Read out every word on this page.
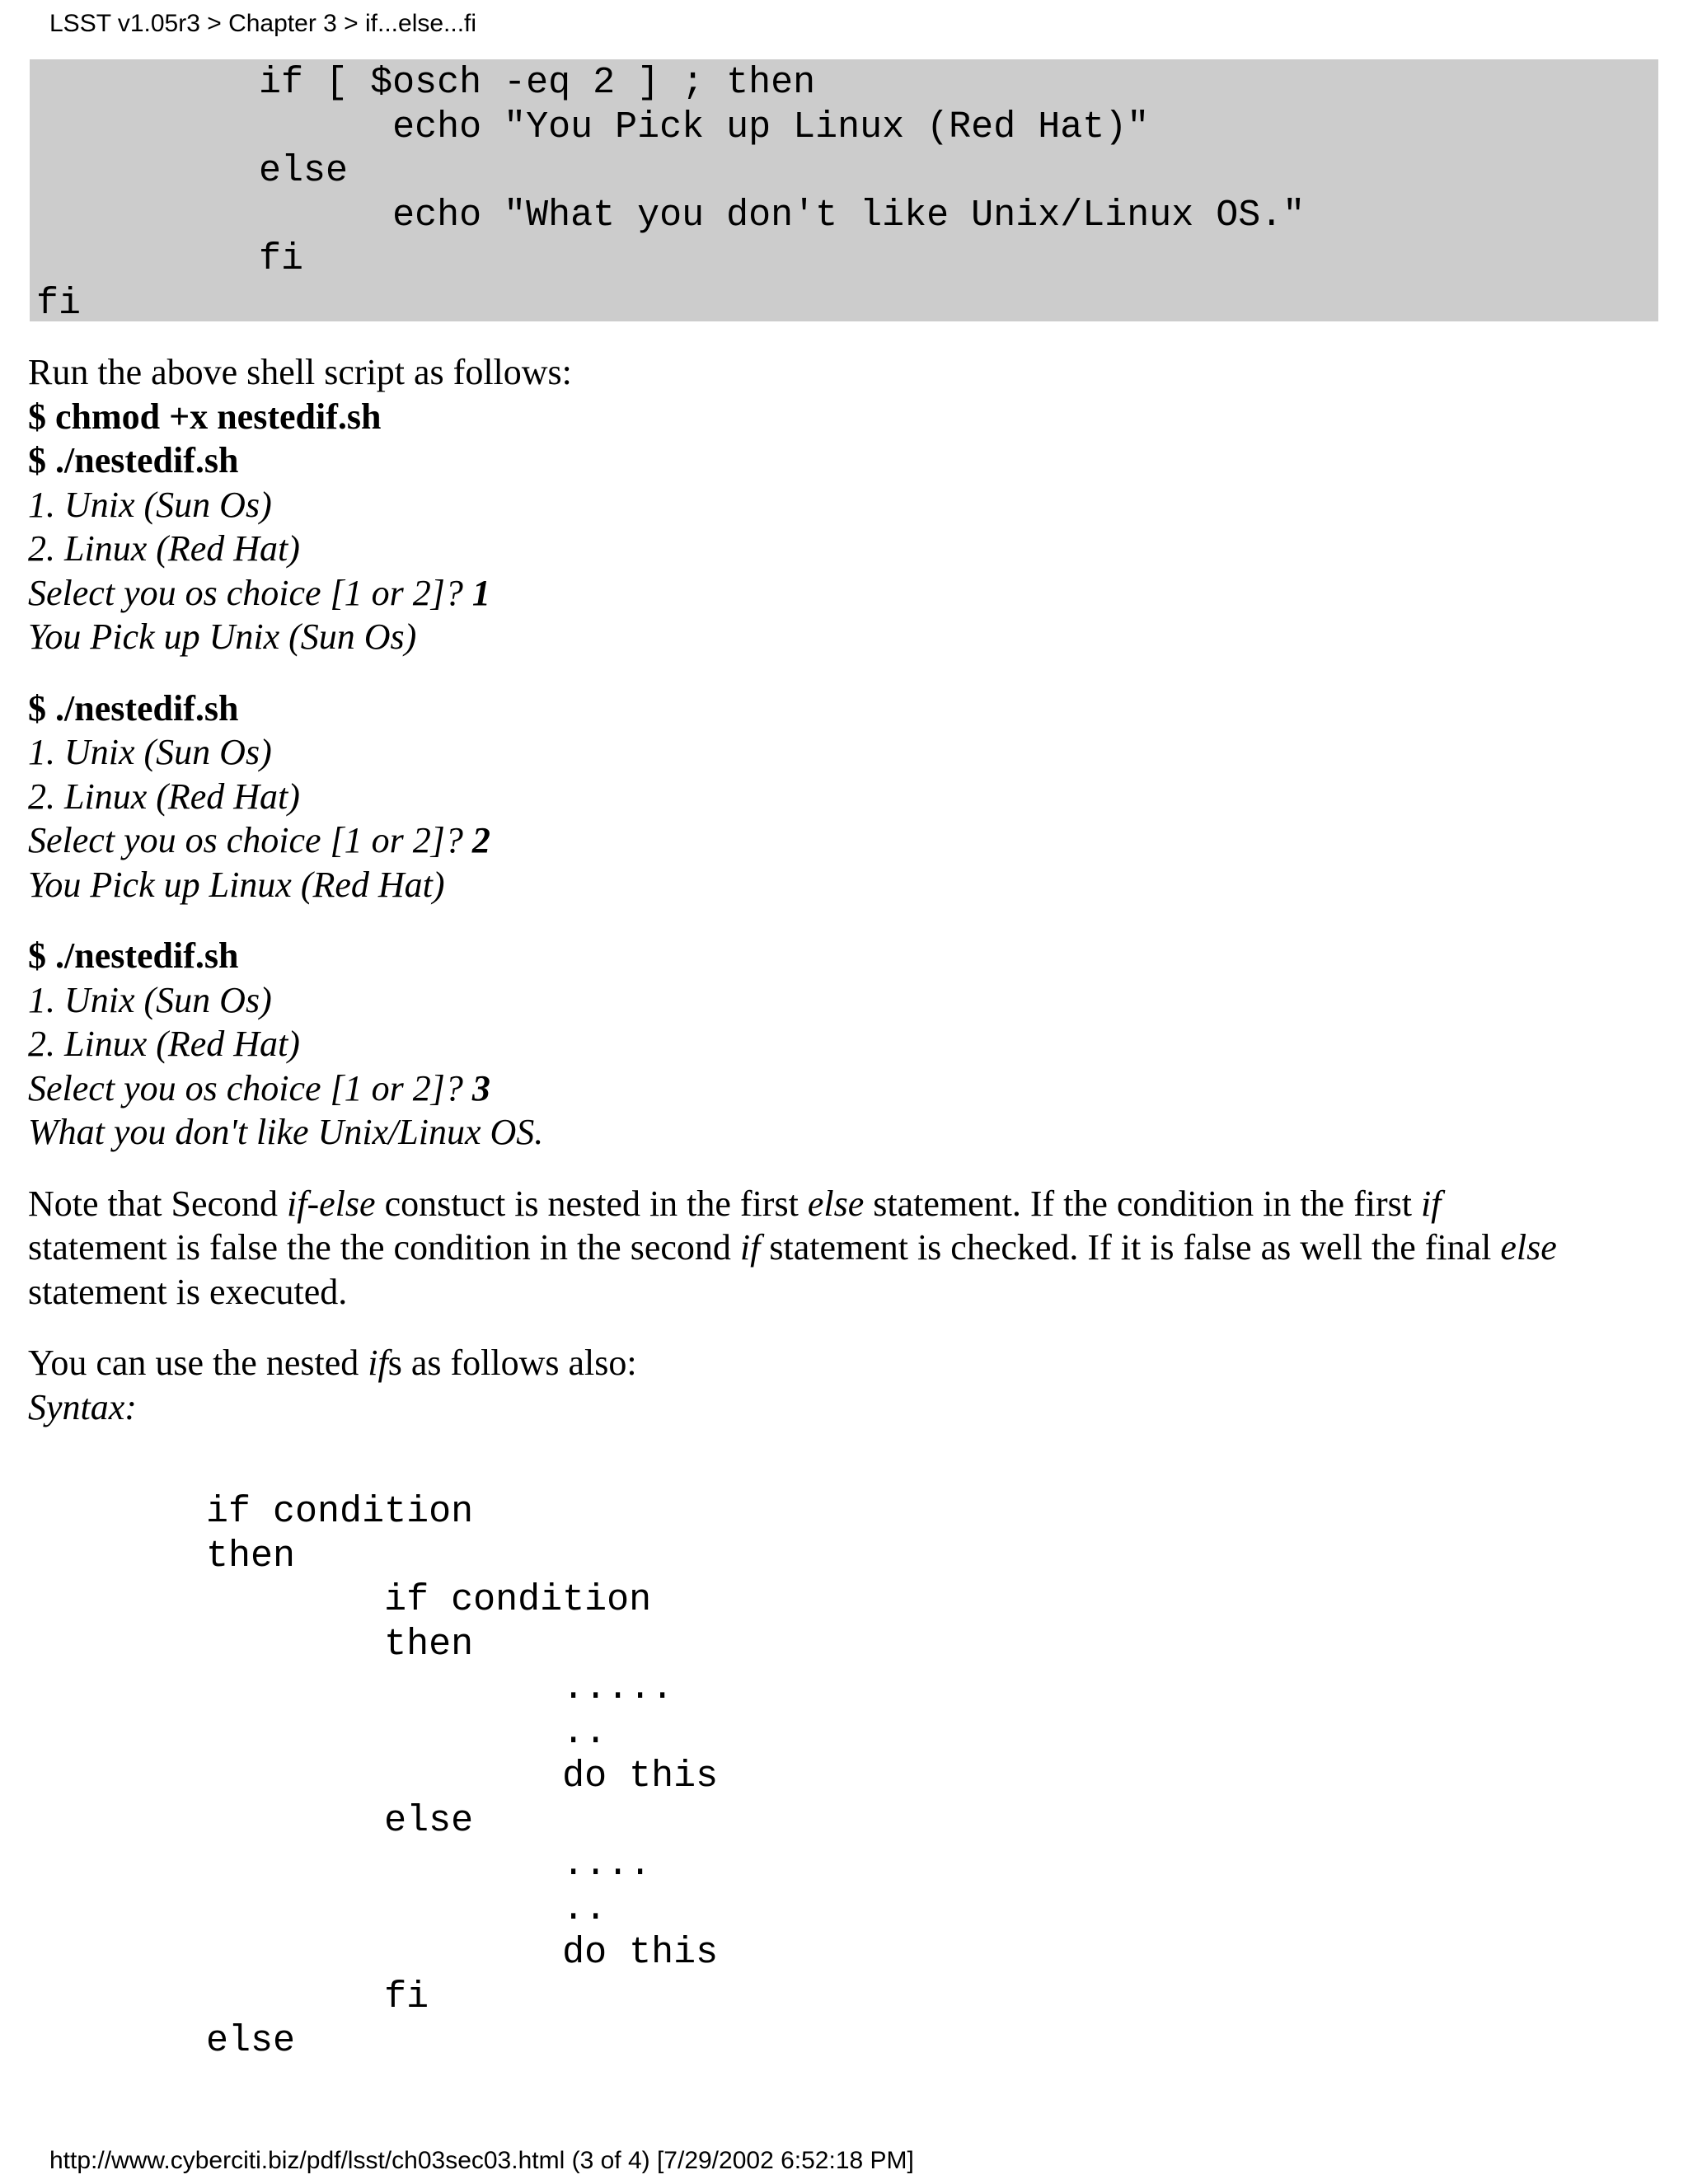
LSST v1.05r3 > Chapter 3 > if...else...fi
if [ $osch -eq 2 ] ; then
echo "You Pick up Linux (Red Hat)"
else
echo "What you don't like Unix/Linux OS."
fi
fi
Run the above shell script as follows:
$ chmod +x nestedif.sh
$ ./nestedif.sh
1. Unix (Sun Os)
2. Linux (Red Hat)
Select you os choice [1 or 2]? 1
You Pick up Unix (Sun Os)
$ ./nestedif.sh
1. Unix (Sun Os)
2. Linux (Red Hat)
Select you os choice [1 or 2]? 2
You Pick up Linux (Red Hat)
$ ./nestedif.sh
1. Unix (Sun Os)
2. Linux (Red Hat)
Select you os choice [1 or 2]? 3
What you don't like Unix/Linux OS.

Note that Second if-else constuct is nested in the first else statement. If the condition in the first if
statement is false the the condition in the second if statement is checked. If it is false as well the final else
statement is executed.

You can use the nested ifs as follows also:
Syntax:

if condition
then
if condition
then
.....
..
do this
else
....
..
do this
fi
else
http://www.cyberciti.biz/pdf/lsst/ch03sec03.html (3 of 4) [7/29/2002 6:52:18 PM]
